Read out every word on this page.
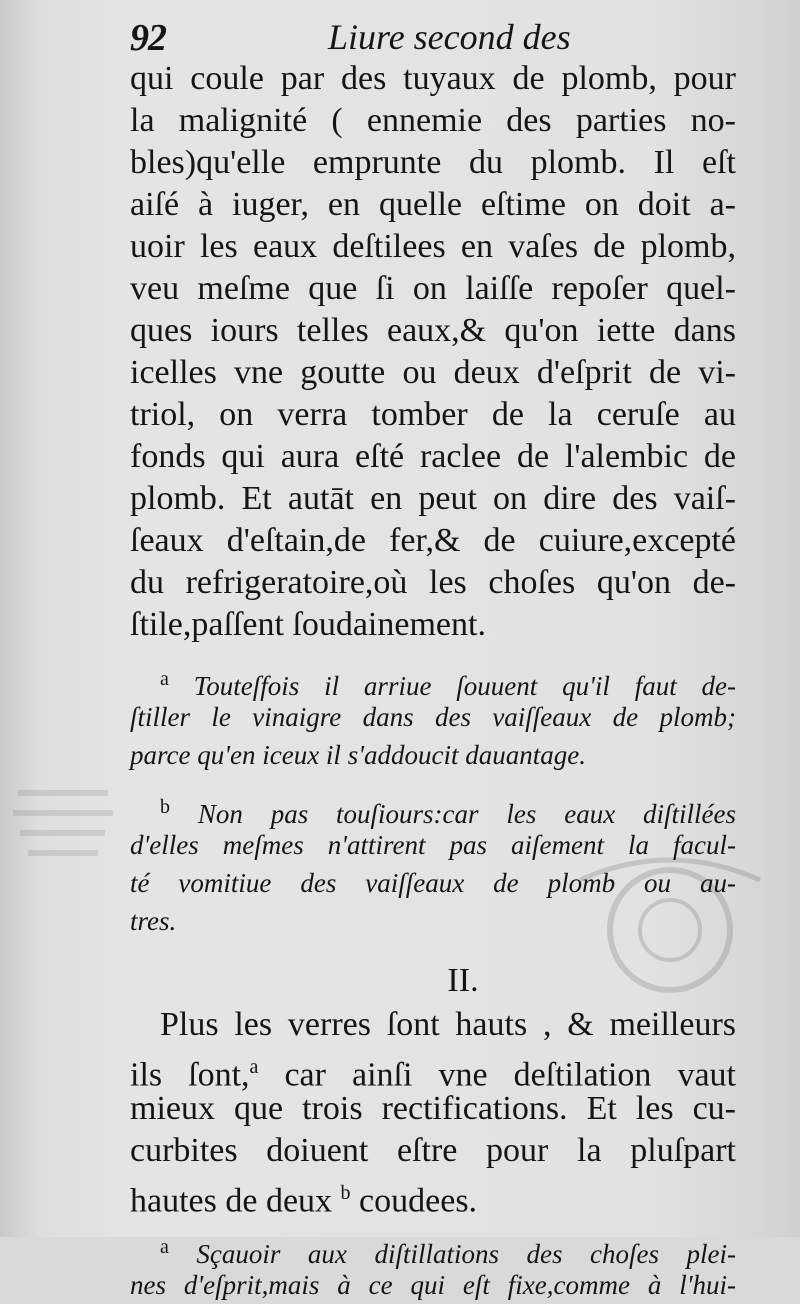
92	Liure second des
qui coule par des tuyaux de plomb, pour
la malignité ( ennemie des parties no-
bles)qu'elle emprunte du plomb. Il eſt
aiſé à iuger, en quelle eſtime on doit a-
uoir les eaux deſtilees en vaſes de plomb,
veu meſme que ſi on laiſſe repoſer quel-
ques iours telles eaux,& qu'on iette dans
icelles vne goutte ou deux d'eſprit de vi-
triol, on verra tomber de la ceruſe au
fonds qui aura eſté raclee de l'alembic de
plomb. Et autāt en peut on dire des vaiſ-
ſeaux d'eſtain,de fer,& de cuiure,excepté
du refrigeratoire,où les choſes qu'on de-
ſtile,paſſent ſoudainement.
$^a$ Touteſfois il arriue ſouuent qu'il faut de-
ſtiller le vinaigre dans des vaiſſeaux de plomb;
parce qu'en iceux il s'addoucit dauantage.
$^b$ Non pas touſiours:car les eaux diſtillées
d'elles meſmes n'attirent pas aiſement la facul-
té vomitiue des vaiſſeaux de plomb ou au-
tres.
II.
Plus les verres ſont hauts , & meilleurs
ils ſont,$^a$ car ainſi vne deſtilation vaut
mieux que trois rectifications. Et les cu-
curbites doiuent eſtre pour la pluſpart
hautes de deux $^b$ coudees.
$^a$ Sçauoir aux diſtillations des choſes plei-
nes d'eſprit,mais à ce qui eſt fixe,comme à l'hui-
